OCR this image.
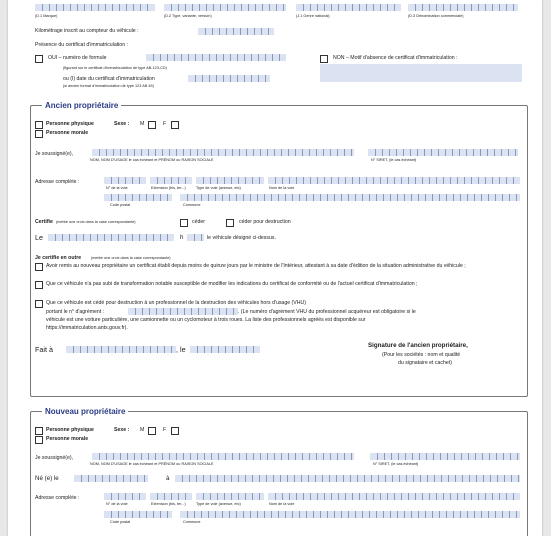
(D.1 Marque)	(D.2 Type, variante, version)	(J.1 Genre national)	(D.3 Dénomination commerciale)
Kilométrage inscrit au compteur du véhicule :
Présence du certificat d'immatriculation :
OUI – numéro de formule
(figurant sur le certificat d'immatriculation de type AB-123-CD)
ou (I) date du certificat d'immatriculation
(si ancien format d'immatriculation de type 123 AB 45)
NON – Motif d'absence de certificat d'immatriculation :
Ancien propriétaire
Personne physique	Sexe : M	F
Personne morale
Je soussigné(e),
NOM, NOM D'USAGE le cas échéant et PRÉNOM ou RAISON SOCIALE	N° SIRET, (le cas échéant)
Adresse complète :
N° de la voie	Extension (bis, ter...)	Type de voie (avenue, etc)	Nom de la voie
Code postal	Commune
Certifie (mettre une croix dans la case correspondante)	céder	céder pour destruction
Le	h	le véhicule désigné ci-dessus.
Je certifie en outre	(mettre une croix dans la case correspondante)
Avoir remis au nouveau propriétaire un certificat établi depuis moins de quinze jours par le ministre de l'Intérieur, attestant à sa date d'édition de la situation administrative du véhicule ;
Que ce véhicule n'a pas subi de transformation notable susceptible de modifier les indications du certificat de conformité ou de l'actuel certificat d'immatriculation ;
Que ce véhicule est cédé pour destruction à un professionnel de la destruction des véhicules hors d'usage (VHU)
portant le n° d'agrément :	. (Le numéro d'agrément VHU du professionnel acquéreur est obligatoire si le
véhicule est une voiture particulière, une camionnette ou un cyclomoteur à trois roues. La liste des professionnels agréés est disponible sur
https://immatriculation.ants.gouv.fr).
Fait à	, le	Signature de l'ancien propriétaire,
(Pour les sociétés : nom et qualité
du signataire et cachet)
Nouveau propriétaire
Personne physique	Sexe : M	F
Personne morale
Je soussigné(e),
NOM, NOM D'USAGE le cas échéant et PRÉNOM ou RAISON SOCIALE	N° SIRET, (le cas échéant)
Né (e) le	à
Adresse complète :
N° de la voie	Extension (bis, ter...)	Type de voie (avenue, etc)	Nom de la voie
Code postal	Commune
